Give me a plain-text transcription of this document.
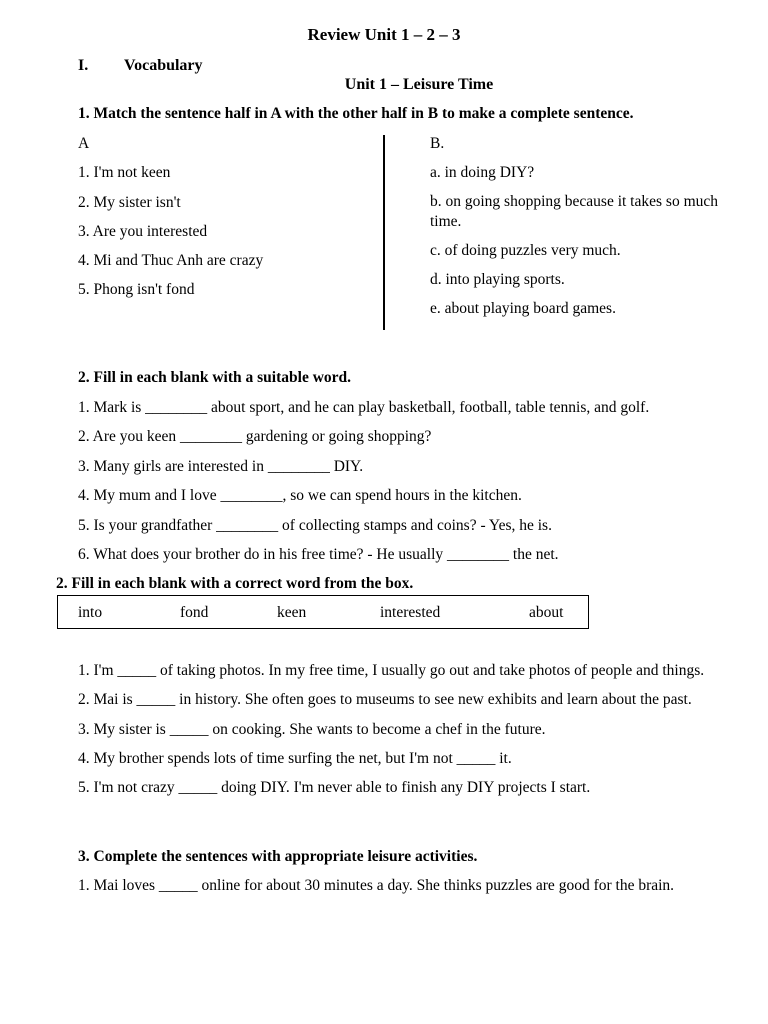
Review Unit 1 – 2 – 3
I. Vocabulary
Unit 1 – Leisure Time
1. Match the sentence half in A with the other half in B to make a complete sentence.
A
1. I'm not keen
2. My sister isn't
3. Are you interested
4. Mi and Thuc Anh are crazy
5. Phong isn't fond
B.
a. in doing DIY?
b. on going shopping because it takes so much time.
c. of doing puzzles very much.
d. into playing sports.
e. about playing board games.
2. Fill in each blank with a suitable word.
1. Mark is ________ about sport, and he can play basketball, football, table tennis, and golf.
2. Are you keen ________ gardening or going shopping?
3. Many girls are interested in ________ DIY.
4. My mum and I love ________, so we can spend hours in the kitchen.
5. Is your grandfather ________ of collecting stamps and coins? - Yes, he is.
6. What does your brother do in his free time? - He usually ________ the net.
2. Fill in each blank with a correct word from the box.
into	fond	keen	interested	about
1. I'm _____ of taking photos. In my free time, I usually go out and take photos of people and things.
2. Mai is _____ in history. She often goes to museums to see new exhibits and learn about the past.
3. My sister is _____ on cooking. She wants to become a chef in the future.
4. My brother spends lots of time surfing the net, but I'm not _____ it.
5. I'm not crazy _____ doing DIY. I'm never able to finish any DIY projects I start.
3. Complete the sentences with appropriate leisure activities.
1. Mai loves _____ online for about 30 minutes a day. She thinks puzzles are good for the brain.
